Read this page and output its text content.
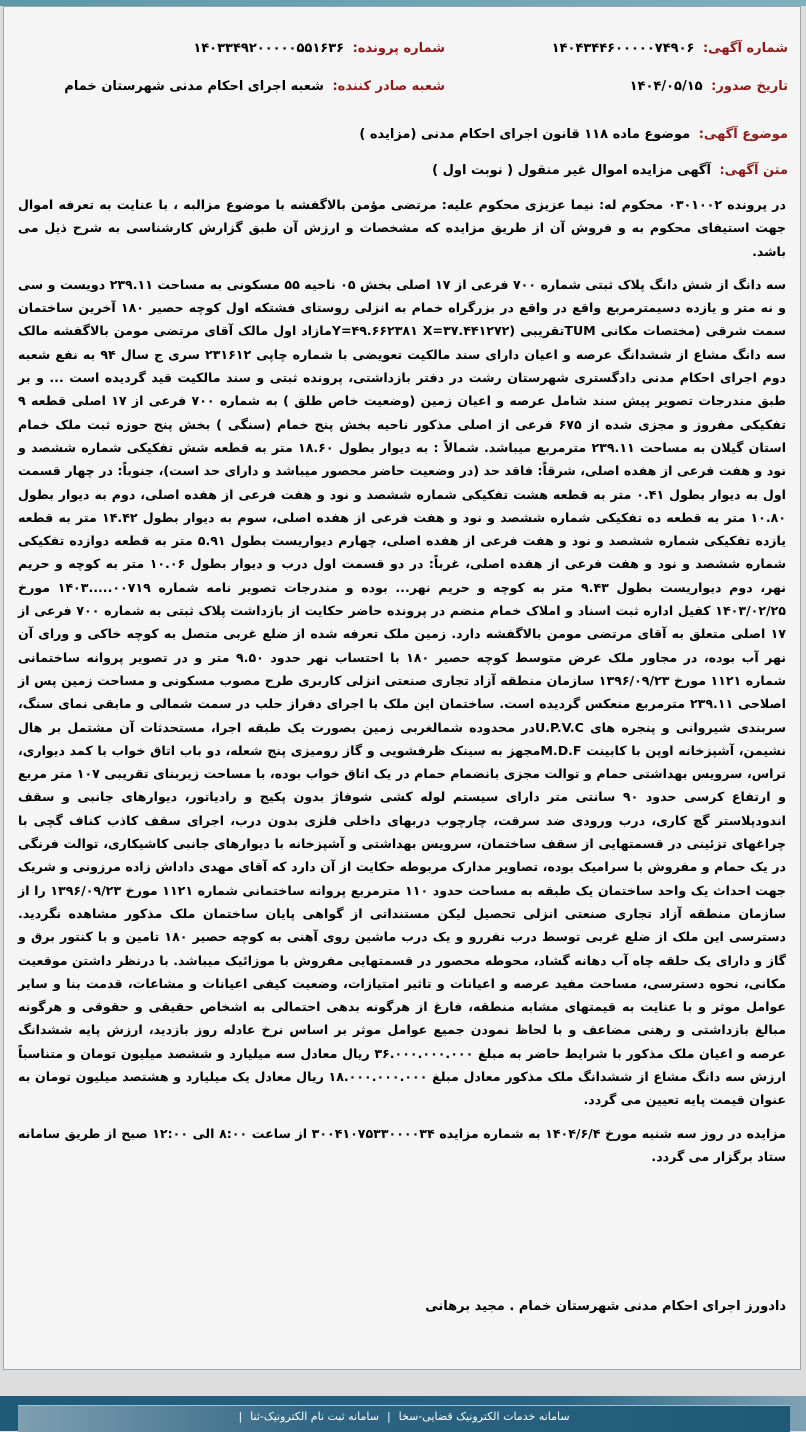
شماره آگهی: ۱۴۰۴۳۴۴۶۰۰۰۰۰۷۴۹۰۶
شماره پرونده: ۱۴۰۳۳۴۹۲۰۰۰۰۰۵۵۱۶۳۶
تاریخ صدور: ۱۴۰۴/۰۵/۱۵
شعبه صادر کننده: شعبه اجرای احکام مدنی شهرستان خمام
موضوع آگهی: موضوع ماده ۱۱۸ قانون اجرای احکام مدنی (مزایده )
متن آگهی: آگهی مزایده اموال غیر منقول ( نوبت اول )

در پرونده ۰۳۰۱۰۰۲ محکوم له: نیما عزیزی محکوم علیه: مرتضی مؤمن بالاگفشه با موضوع مزالبه ، با عنایت به تعرفه اموال جهت استیفای محکوم به و فروش آن از طریق مزایده که مشخصات و ارزش آن طبق گزارش کارشناسی به شرح ذیل می باشد.

سه دانگ از شش دانگ پلاک ثبتی شماره ۷۰۰ فرعی از ۱۷ اصلی بخش ۰۵ ناحیه ۵۵ مسکونی به مساحت ۲۳۹.۱۱ دویست و سی و نه متر و یازده دسیمترمربع واقع در واقع در بزرگراه خمام به انزلی روستای فشتکه اول کوچه حصیر ۱۸۰ آخرین ساختمان سمت شرقی (مختصات مکانی TUMتقریبی (Y=۴۹.۶۶۲۳۸۱ X=۳۷.۴۴۱۲۷۲مازاد اول مالک آقای مرتضی مومن بالاگفشه مالک سه دانگ مشاع از ششدانگ عرصه و اعیان دارای سند مالکیت تعویضی با شماره چاپی ۲۳۱۶۱۲ سری ج سال ۹۴ به نفع شعبه دوم اجرای احکام مدنی دادگستری شهرستان رشت در دفتر بازداشتی، پرونده ثبتی و سند مالکیت قید گردیده است ... و بر طبق مندرجات تصویر پیش سند شامل عرصه و اعیان زمین (وضعیت خاص طلق ) به شماره ۷۰۰ فرعی از ۱۷ اصلی قطعه ۹ تفکیکی مفروز و مجزی شده از ۶۷۵ فرعی از اصلی مذکور ناحیه بخش پنج خمام (سنگی ) بخش پنج حوزه ثبت ملک خمام استان گیلان به مساحت ۲۳۹.۱۱ مترمربع میباشد. شمالاً : به دیوار بطول ۱۸.۶۰ متر به قطعه شش تفکیکی شماره ششصد و نود و هفت فرعی از هفده اصلی، شرقاً: فاقد حد (در وضعیت حاضر محصور میباشد و دارای حد است)، جنوباً: در چهار قسمت اول به دیوار بطول ۰.۴۱ متر به قطعه هشت تفکیکی شماره ششصد و نود و هفت فرعی از هفده اصلی، دوم به دیوار بطول ۱۰.۸۰ متر به قطعه ده تفکیکی شماره ششصد و نود و هفت فرعی از هفده اصلی، سوم به دیوار بطول ۱۴.۴۲ متر به قطعه یازده تفکیکی شماره ششصد و نود و هفت فرعی از هفده اصلی، چهارم دیواریست بطول ۵.۹۱ متر به قطعه دوازده تفکیکی شماره ششصد و نود و هفت فرعی از هفده اصلی، غرباً: در دو قسمت اول درب و دیوار بطول ۱۰.۰۶ متر به کوچه و حریم نهر، دوم دیواریست بطول ۹.۴۳ متر به کوچه و حریم نهر... بوده و مندرجات تصویر نامه شماره ۰۰۷۱۹.....۱۴۰۳ مورخ ۱۴۰۳/۰۲/۲۵ کفیل اداره ثبت اسناد و املاک خمام منضم در پرونده حاضر حکایت از بازداشت پلاک ثبتی به شماره ۷۰۰ فرعی از ۱۷ اصلی متعلق به آقای مرتضی مومن بالاگفشه دارد. زمین ملک تعرفه شده از ضلع غربی متصل به کوچه خاکی و ورای آن نهر آب بوده، در مجاور ملک عرض متوسط کوچه حصیر ۱۸۰ با احتساب نهر حدود ۹.۵۰ متر و در تصویر پروانه ساختمانی شماره ۱۱۲۱ مورخ ۱۳۹۶/۰۹/۲۳ سازمان منطقه آزاد تجاری صنعتی انزلی کاربری طرح مصوب مسکونی و مساحت زمین پس از اصلاحی ۲۳۹.۱۱ مترمربع منعکس گردیده است. ساختمان این ملک با اجرای دفراز حلب در سمت شمالی و مابقی نمای سنگ، سربندی شیروانی و پنجره های U.P.V.Cدر محدوده شمالغربی زمین بصورت یک طبقه اجرا، مستحدثات آن مشتمل بر هال نشیمن، آشپزخانه اوپن با کابینت M.D.Fمجهز به سینک ظرفشویی و گاز رومیزی پنج شعله، دو باب اتاق خواب با کمد دیواری، تراس، سرویس بهداشتی حمام و توالت مجزی بانضمام حمام در یک اتاق خواب بوده، با مساحت زیربنای تقریبی ۱۰۷ متر مربع و ارتفاع کرسی حدود ۹۰ سانتی متر دارای سیستم لوله کشی شوفاژ بدون پکیج و رادیاتور، دیوارهای جانبی و سقف اندودپلاستر گچ کاری، درب ورودی ضد سرقت، چارچوب دربهای داخلی فلزی بدون درب، اجرای سقف کاذب کناف گچی با چراغهای تزئینی در قسمتهایی از سقف ساختمان، سرویس بهداشتی و آشپزخانه با دیوارهای جانبی کاشیکاری، توالت فرنگی در یک حمام و مفروش با سرامیک بوده، تصاویر مدارک مربوطه حکایت از آن دارد که آقای مهدی داداش زاده مرزونی و شریک جهت احداث یک واحد ساختمان یک طبقه به مساحت حدود ۱۱۰ مترمربع پروانه ساختمانی شماره ۱۱۲۱ مورخ ۱۳۹۶/۰۹/۲۳ را از سازمان منطقه آزاد تجاری صنعتی انزلی تحصیل لیکن مستنداتی از گواهی پایان ساختمان ملک مذکور مشاهده نگردید. دسترسی این ملک از ضلع غربی توسط درب نفررو و یک درب ماشین روی آهنی به کوچه حصیر ۱۸۰ تامین و با کنتور برق و گاز و دارای یک حلقه چاه آب دهانه گشاد، محوطه محصور در قسمتهایی مفروش با موزائیک میباشد. با درنظر داشتن موقعیت مکانی، نحوه دسترسی، مساحت مفید عرصه و اعیانات و تاثیر امتیازات، وضعیت کیفی اعیانات و مشاعات، قدمت بنا و سایر عوامل موثر و با عنایت به قیمتهای مشابه منطقه، فارغ از هرگونه بدهی احتمالی به اشخاص حقیقی و حقوقی و هرگونه مبالغ بازداشتی و رهنی مضاعف و با لحاظ نمودن جمیع عوامل موثر بر اساس نرخ عادله روز بازدید، ارزش پایه ششدانگ عرصه و اعیان ملک مذکور با شرایط حاضر به مبلغ ۳۶.۰۰۰.۰۰۰.۰۰۰ ریال معادل سه میلیارد و ششصد میلیون تومان و متناسباً ارزش سه دانگ مشاع از ششدانگ ملک مذکور معادل مبلغ ۱۸.۰۰۰.۰۰۰.۰۰۰ ریال معادل یک میلیارد و هشتصد میلیون تومان به عنوان قیمت پایه تعیین می گردد.

مزایده در روز سه شنبه مورخ ۱۴۰۴/۶/۴ به شماره مزایده ۳۰۰۴۱۰۷۵۳۳۰۰۰۰۳۴ از ساعت ۸:۰۰ الی ۱۲:۰۰ صبح از طریق سامانه ستاد برگزار می گردد.

دادورز اجرای احکام مدنی شهرستان خمام . مجید برهانی
سامانه خدمات الکترونیک قضایی-سخا|سامانه ثبت نام الکترونیک-ثنا|
